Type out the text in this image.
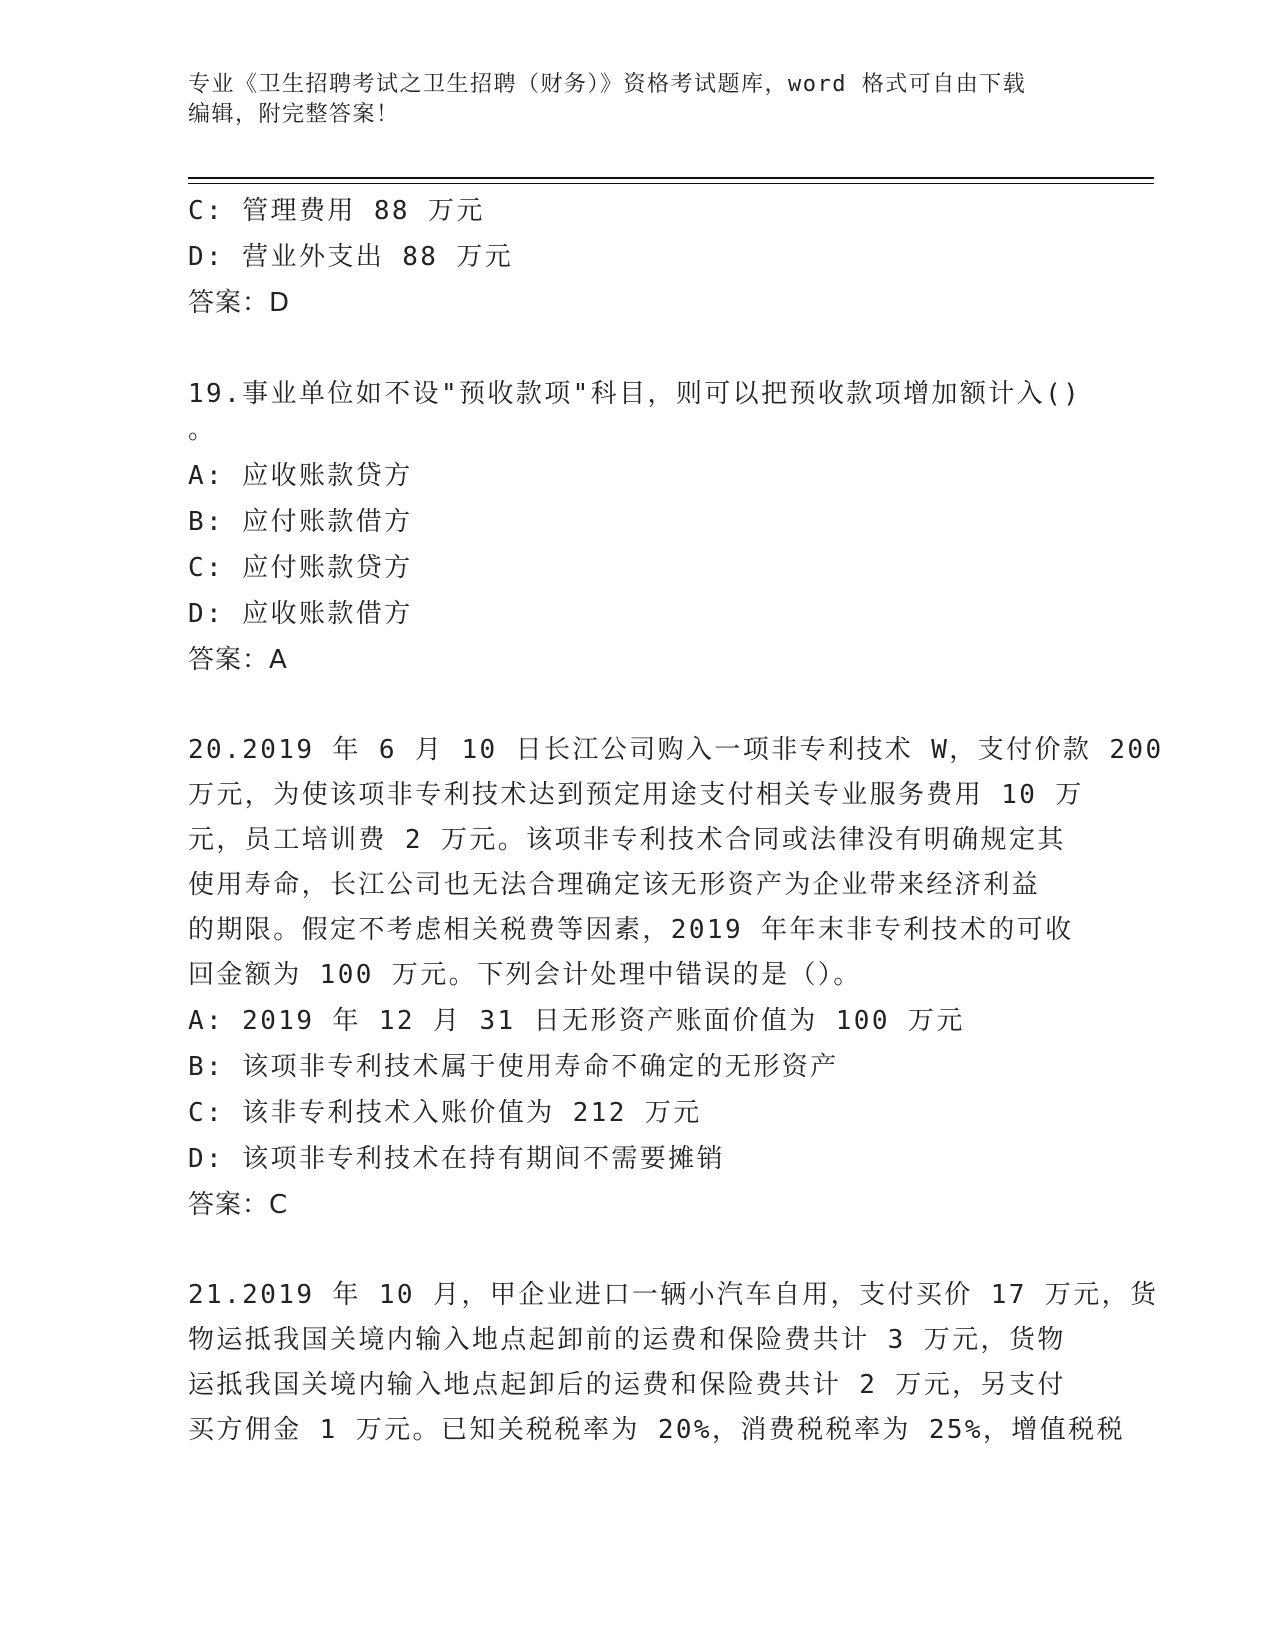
专业《卫生招聘考试之卫生招聘（财务）》资格考试题库，word 格式可自由下载
编辑，附完整答案！
C: 管理费用 88 万元
D: 营业外支出 88 万元
答案：D
19.事业单位如不设"预收款项"科目，则可以把预收款项增加额计入()
。
A: 应收账款贷方
B: 应付账款借方
C: 应付账款贷方
D: 应收账款借方
答案：A
20.2019 年 6 月 10 日长江公司购入一项非专利技术 W，支付价款 200
万元，为使该项非专利技术达到预定用途支付相关专业服务费用 10 万
元，员工培训费 2 万元。该项非专利技术合同或法律没有明确规定其
使用寿命，长江公司也无法合理确定该无形资产为企业带来经济利益
的期限。假定不考虑相关税费等因素，2019 年年末非专利技术的可收
回金额为 100 万元。下列会计处理中错误的是（）。
A: 2019 年 12 月 31 日无形资产账面价值为 100 万元
B: 该项非专利技术属于使用寿命不确定的无形资产
C: 该非专利技术入账价值为 212 万元
D: 该项非专利技术在持有期间不需要摊销
答案：C
21.2019 年 10 月，甲企业进口一辆小汽车自用，支付买价 17 万元，货
物运抵我国关境内输入地点起卸前的运费和保险费共计 3 万元，货物
运抵我国关境内输入地点起卸后的运费和保险费共计 2 万元，另支付
买方佣金 1 万元。已知关税税率为 20%，消费税税率为 25%，增值税税
